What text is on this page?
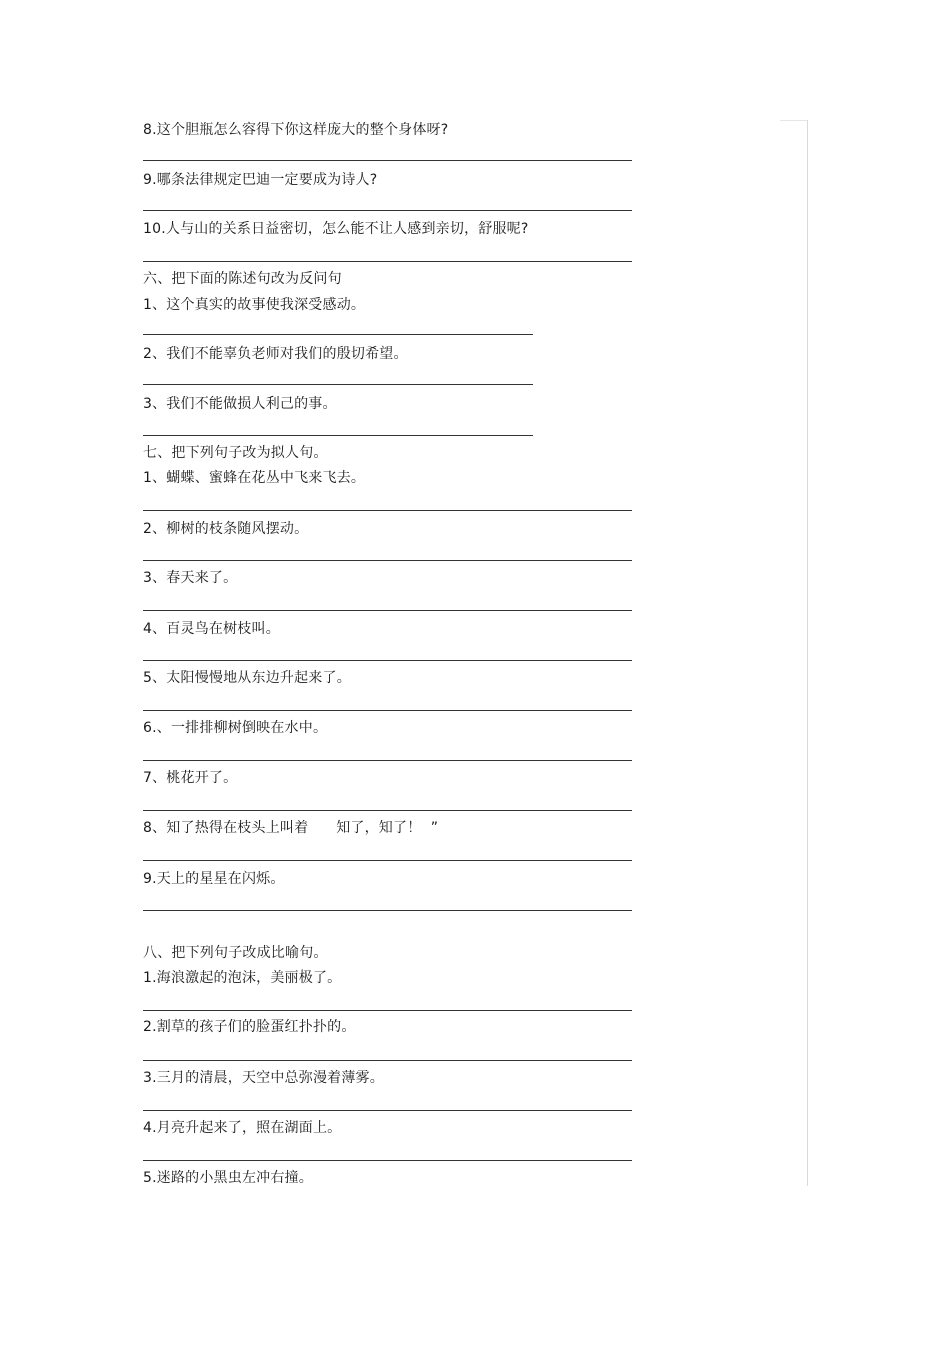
8.这个胆瓶怎么容得下你这样庞大的整个身体呀?
9.哪条法律规定巴迪一定要成为诗人?
10.人与山的关系日益密切，怎么能不让人感到亲切，舒服呢?
六、把下面的陈述句改为反问句
1、这个真实的故事使我深受感动。
2、我们不能辜负老师对我们的殷切希望。
3、我们不能做损人利己的事。
七、把下列句子改为拟人句。
1、蝴蝶、蜜蜂在花丛中飞来飞去。
2、柳树的枝条随风摆动。
3、春天来了。
4、百灵鸟在树枝叫。
5、太阳慢慢地从东边升起来了。
6.、一排排柳树倒映在水中。
7、桃花开了。
8、知了热得在枝头上叫着      知了，知了！  ”
9.天上的星星在闪烁。
八、把下列句子改成比喻句。
1.海浪激起的泡沫，美丽极了。
2.割草的孩子们的脸蛋红扑扑的。
3.三月的清晨，天空中总弥漫着薄雾。
4.月亮升起来了，照在湖面上。
5.迷路的小黑虫左冲右撞。
